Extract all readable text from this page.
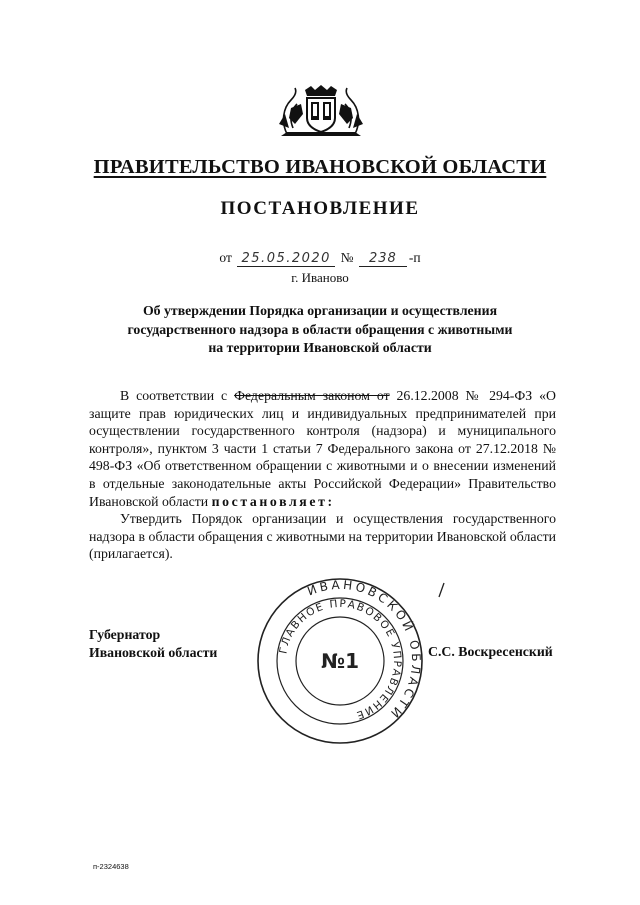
ПРАВИТЕЛЬСТВО ИВАНОВСКОЙ ОБЛАСТИ
ПОСТАНОВЛЕНИЕ
от 25.05.2020 № 238 -п
г. Иваново
Об утверждении Порядка организации и осуществления
государственного надзора в области обращения с животными
на территории Ивановской области

В соответствии с Федеральным законом от 26.12.2008 № 294-ФЗ «О защите прав юридических лиц и индивидуальных предпринимателей при осуществлении государственного контроля (надзора) и муниципального контроля», пунктом 3 части 1 статьи 7 Федерального закона от 27.12.2018 № 498-ФЗ «Об ответственном обращении с животными и о внесении изменений в отдельные законодательные акты Российской Федерации» Правительство Ивановской области постановляет:

Утвердить Порядок организации и осуществления государственного надзора в области обращения с животными на территории Ивановской области (прилагается).

Губернатор
Ивановской области	С.С. Воскресенский
ИВАНОВСКОЙ ОБЛАСТИ
ГЛАВНОЕ ПРАВОВОЕ УПРАВЛЕНИЕ
№1
п-2324638
